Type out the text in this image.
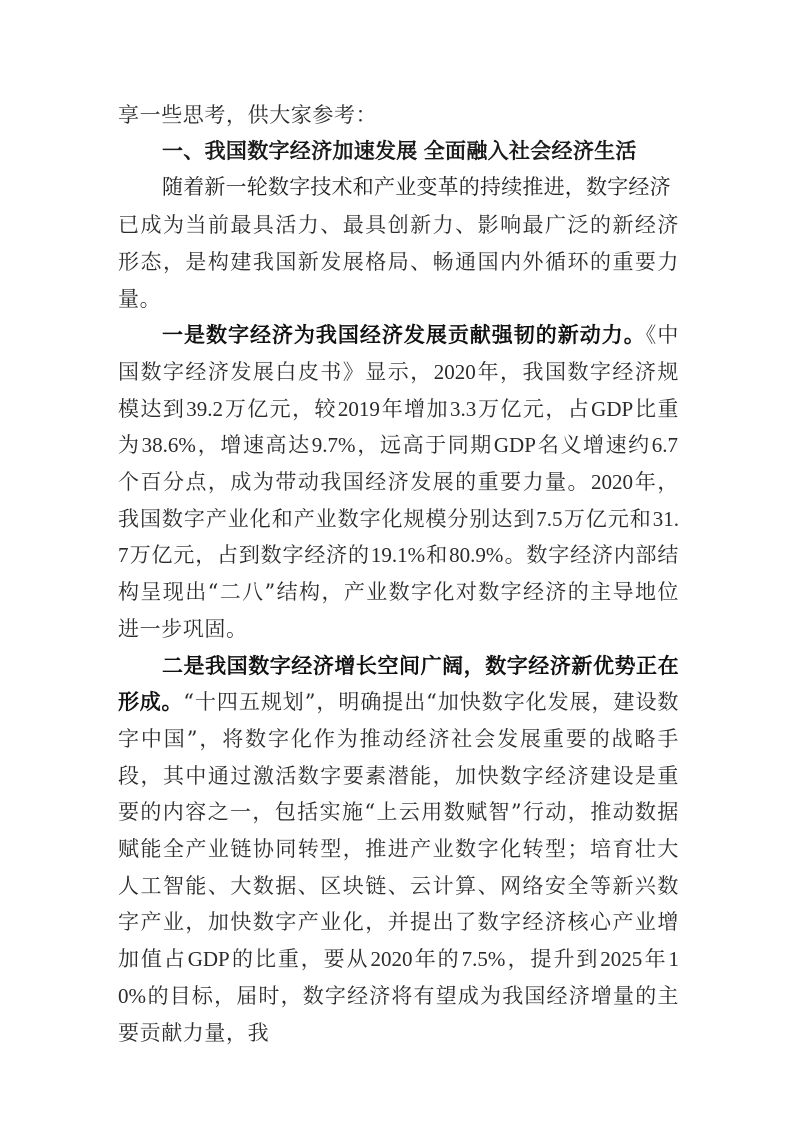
享一些思考，供大家参考：

一、我国数字经济加速发展 全面融入社会经济生活

随着新一轮数字技术和产业变革的持续推进，数字经济

已成为当前最具活力、最具创新力、影响最广泛的新经济形态，是构建我国新发展格局、畅通国内外循环的重要力量。

一是数字经济为我国经济发展贡献强韧的新动力。《中国数字经济发展白皮书》显示，2020年，我国数字经济规模达到39.2万亿元，较2019年增加3.3万亿元，占GDP比重为38.6%，增速高达9.7%，远高于同期GDP名义增速约6.7个百分点，成为带动我国经济发展的重要力量。2020年，我国数字产业化和产业数字化规模分别达到7.5万亿元和31.7万亿元，占到数字经济的19.1%和80.9%。数字经济内部结构呈现出“二八”结构，产业数字化对数字经济的主导地位进一步巩固。

二是我国数字经济增长空间广阔，数字经济新优势正在形成。“十四五规划”，明确提出“加快数字化发展，建设数字中国”，将数字化作为推动经济社会发展重要的战略手段，其中通过激活数字要素潜能，加快数字经济建设是重要的内容之一，包括实施“上云用数赋智”行动，推动数据赋能全产业链协同转型，推进产业数字化转型；培育壮大人工智能、大数据、区块链、云计算、网络安全等新兴数字产业，加快数字产业化，并提出了数字经济核心产业增加值占GDP的比重，要从2020年的7.5%，提升到2025年10%的目标，届时，数字经济将有望成为我国经济增量的主要贡献力量，我
